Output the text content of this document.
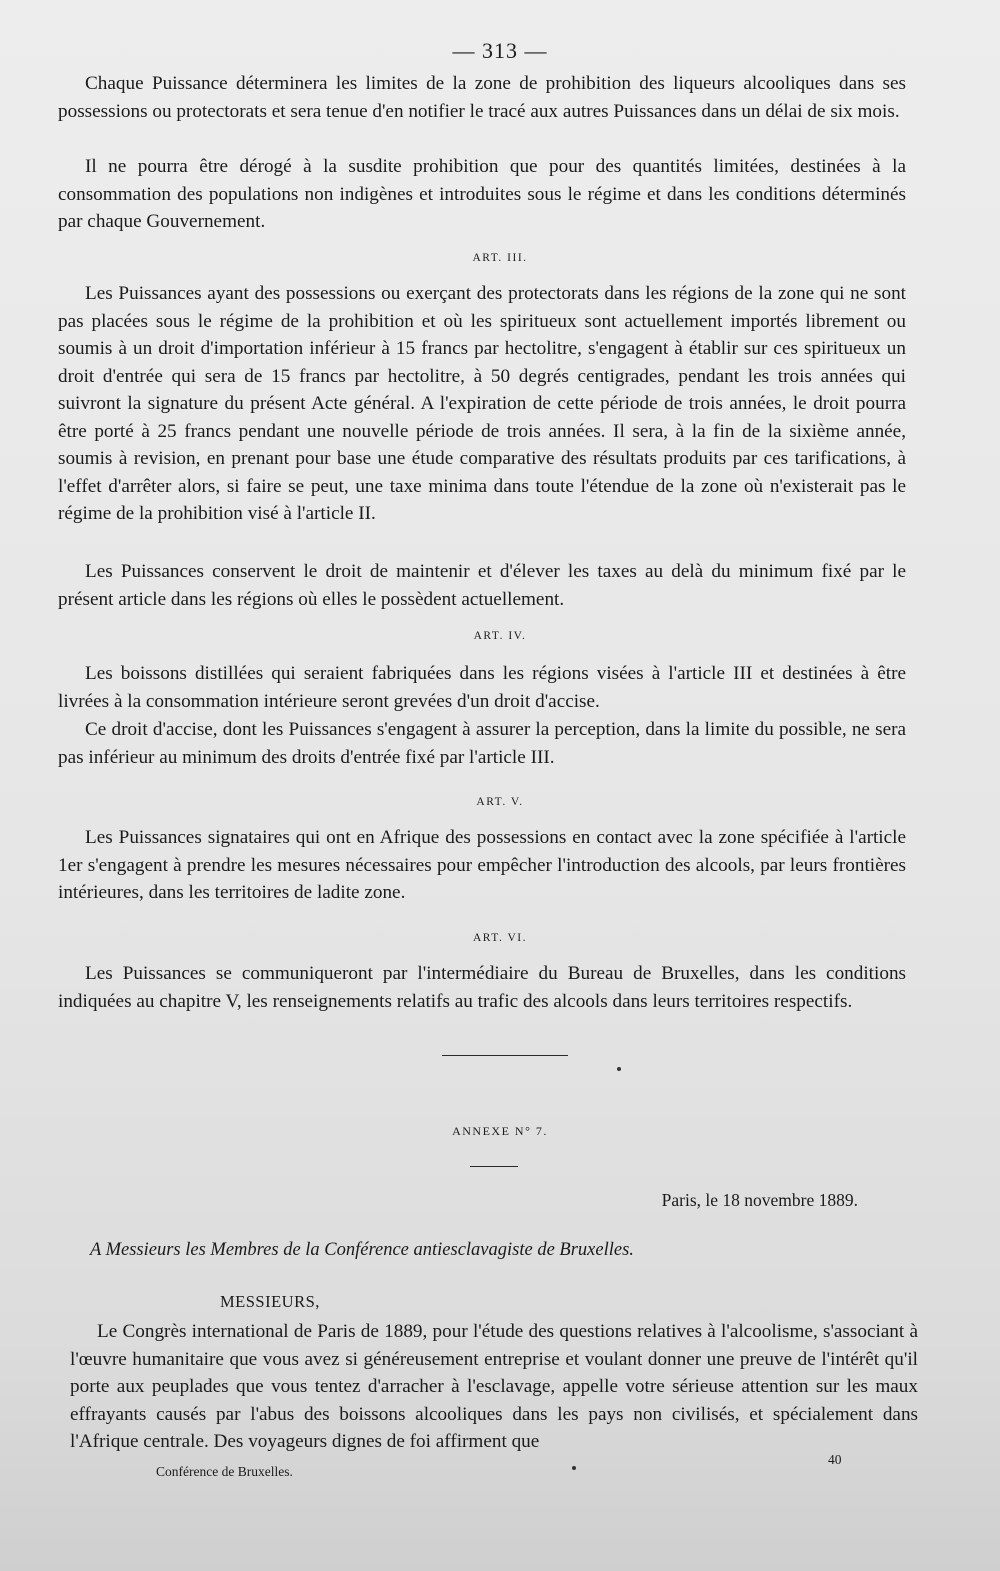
— 313 —

Chaque Puissance déterminera les limites de la zone de prohibition des liqueurs alcooliques dans ses possessions ou protectorats et sera tenue d'en notifier le tracé aux autres Puissances dans un délai de six mois.

Il ne pourra être dérogé à la susdite prohibition que pour des quantités limitées, destinées à la consommation des populations non indigènes et introduites sous le régime et dans les conditions déterminés par chaque Gouvernement.

ART. III.

Les Puissances ayant des possessions ou exerçant des protectorats dans les régions de la zone qui ne sont pas placées sous le régime de la prohibition et où les spiritueux sont actuellement importés librement ou soumis à un droit d'importation inférieur à 15 francs par hectolitre, s'engagent à établir sur ces spiritueux un droit d'entrée qui sera de 15 francs par hectolitre, à 50 degrés centigrades, pendant les trois années qui suivront la signature du présent Acte général. A l'expiration de cette période de trois années, le droit pourra être porté à 25 francs pendant une nouvelle période de trois années. Il sera, à la fin de la sixième année, soumis à revision, en prenant pour base une étude comparative des résultats produits par ces tarifications, à l'effet d'arrêter alors, si faire se peut, une taxe minima dans toute l'étendue de la zone où n'existerait pas le régime de la prohibition visé à l'article II.

Les Puissances conservent le droit de maintenir et d'élever les taxes au delà du minimum fixé par le présent article dans les régions où elles le possèdent actuellement.

ART. IV.

Les boissons distillées qui seraient fabriquées dans les régions visées à l'article III et destinées à être livrées à la consommation intérieure seront grevées d'un droit d'accise.

Ce droit d'accise, dont les Puissances s'engagent à assurer la perception, dans la limite du possible, ne sera pas inférieur au minimum des droits d'entrée fixé par l'article III.

ART. V.

Les Puissances signataires qui ont en Afrique des possessions en contact avec la zone spécifiée à l'article 1er s'engagent à prendre les mesures nécessaires pour empêcher l'introduction des alcools, par leurs frontières intérieures, dans les territoires de ladite zone.

ART. VI.

Les Puissances se communiqueront par l'intermédiaire du Bureau de Bruxelles, dans les conditions indiquées au chapitre V, les renseignements relatifs au trafic des alcools dans leurs territoires respectifs.

ANNEXE N° 7.
Paris, le 18 novembre 1889.
A Messieurs les Membres de la Conférence antiesclavagiste de Bruxelles.
MESSIEURS,

Le Congrès international de Paris de 1889, pour l'étude des questions relatives à l'alcoolisme, s'associant à l'œuvre humanitaire que vous avez si généreusement entreprise et voulant donner une preuve de l'intérêt qu'il porte aux peuplades que vous tentez d'arracher à l'esclavage, appelle votre sérieuse attention sur les maux effrayants causés par l'abus des boissons alcooliques dans les pays non civilisés, et spécialement dans l'Afrique centrale. Des voyageurs dignes de foi affirment que

Conférence de Bruxelles.
40
